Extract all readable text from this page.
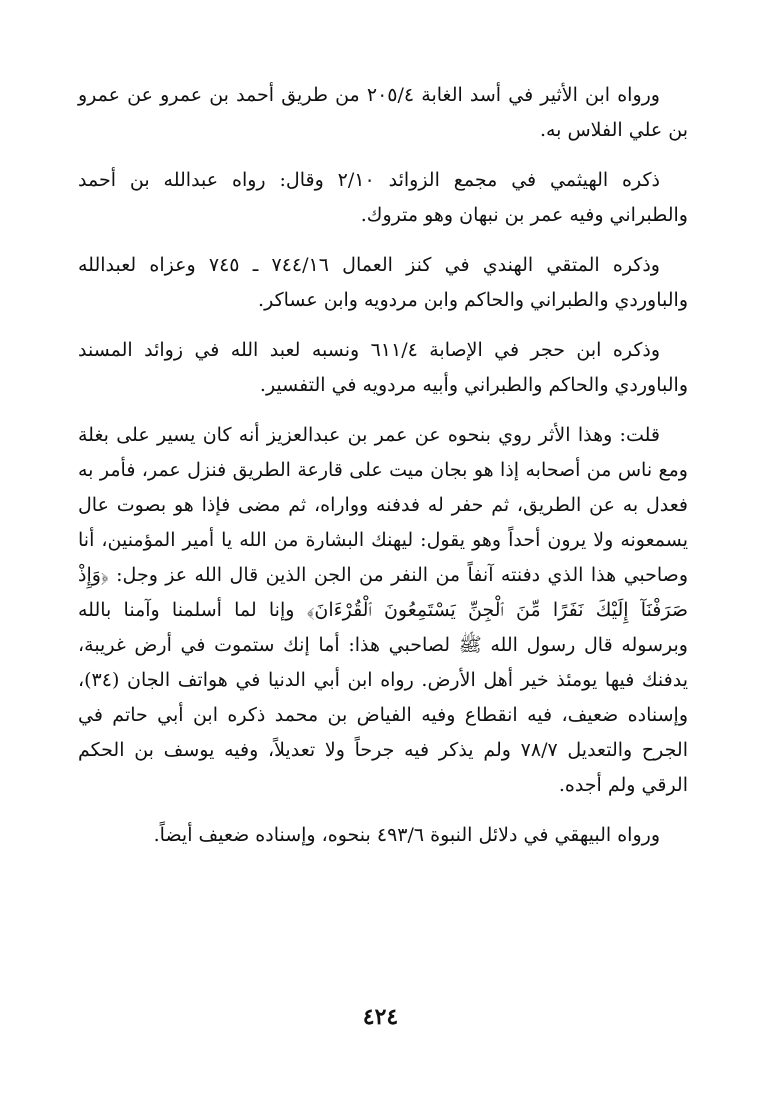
ورواه ابن الأثير في أسد الغابة ٢٠٥/٤ من طريق أحمد بن عمرو عن عمرو بن علي الفلاس به.

ذكره الهيثمي في مجمع الزوائد ٢/١٠ وقال: رواه عبدالله بن أحمد والطبراني وفيه عمر بن نبهان وهو متروك.

وذكره المتقي الهندي في كنز العمال ٧٤٤/١٦ ـ ٧٤٥ وعزاه لعبدالله والباوردي والطبراني والحاكم وابن مردويه وابن عساكر.

وذكره ابن حجر في الإصابة ٦١١/٤ ونسبه لعبد الله في زوائد المسند والباوردي والحاكم والطبراني وأبيه مردويه في التفسير.

قلت: وهذا الأثر روي بنحوه عن عمر بن عبدالعزيز أنه كان يسير على بغلة ومع ناس من أصحابه إذا هو بجان ميت على قارعة الطريق فنزل عمر، فأمر به فعدل به عن الطريق، ثم حفر له فدفنه وواراه، ثم مضى فإذا هو بصوت عال يسمعونه ولا يرون أحداً وهو يقول: ليهنك البشارة من الله يا أمير المؤمنين، أنا وصاحبي هذا الذي دفنته آنفاً من النفر من الجن الذين قال الله عز وجل: ﴿وَإِذْ صَرَفْنَآ إِلَيْكَ نَفَرًا مِّنَ ٱلْجِنِّ يَسْتَمِعُونَ ٱلْقُرْءَانَ﴾ وإنا لما أسلمنا وآمنا بالله وبرسوله قال رسول الله ﷺ لصاحبي هذا: أما إنك ستموت في أرض غريبة، يدفنك فيها يومئذ خير أهل الأرض. رواه ابن أبي الدنيا في هواتف الجان (٣٤)، وإسناده ضعيف، فيه انقطاع وفيه الفياض بن محمد ذكره ابن أبي حاتم في الجرح والتعديل ٧٨/٧ ولم يذكر فيه جرحاً ولا تعديلاً، وفيه يوسف بن الحكم الرقي ولم أجده.

ورواه البيهقي في دلائل النبوة ٤٩٣/٦ بنحوه، وإسناده ضعيف أيضاً.

٤٢٤
